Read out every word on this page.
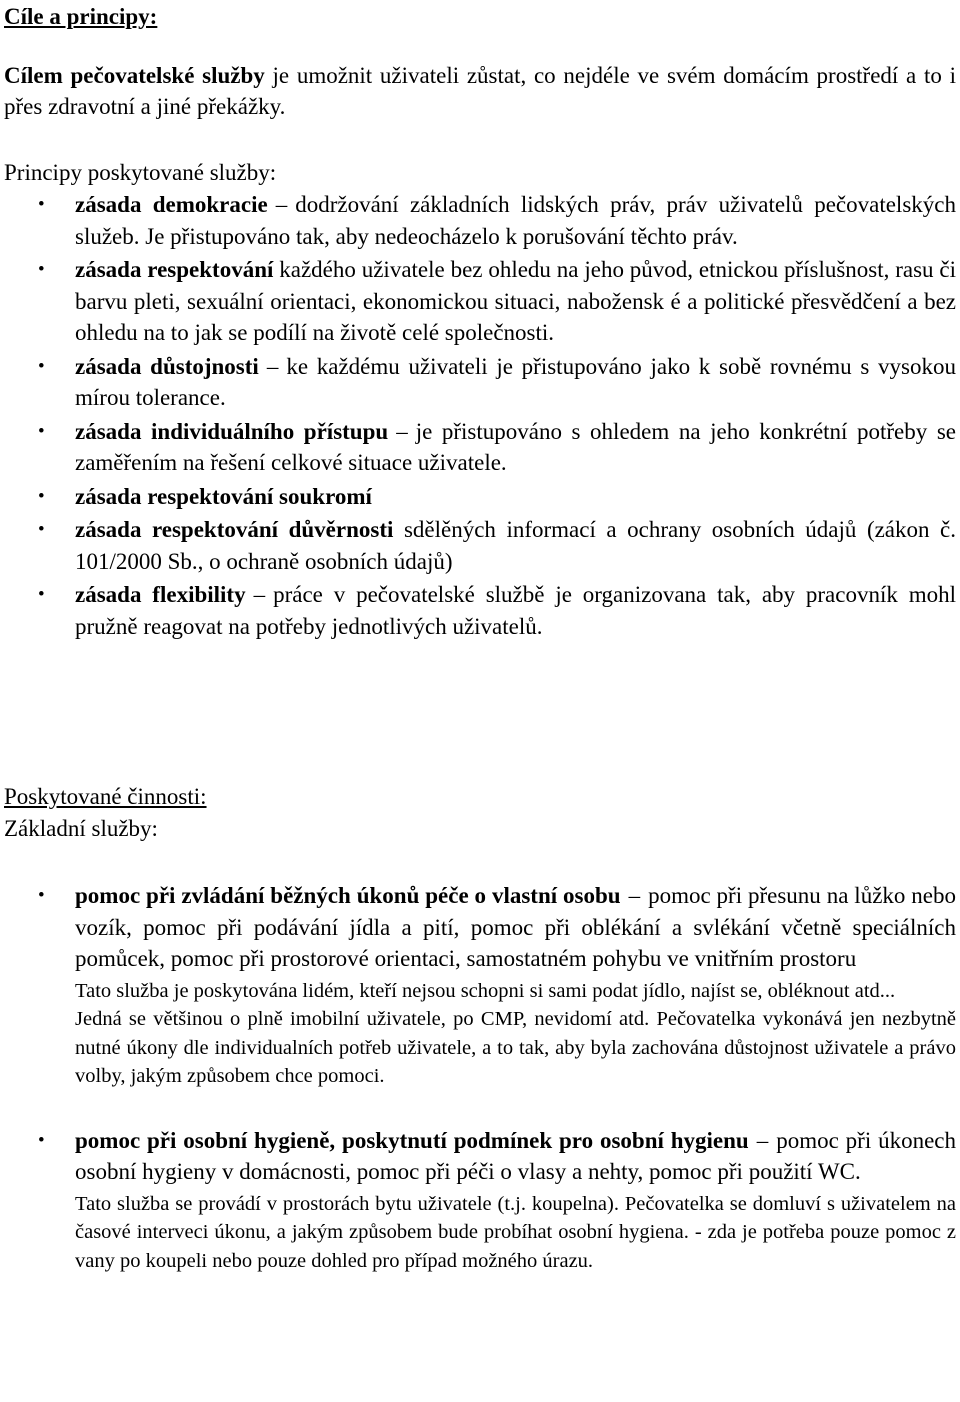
Cíle a principy:

Cílem pečovatelské služby je umožnit uživateli zůstat, co nejdéle ve svém domácím prostředí a to i přes zdravotní a jiné překážky.

Principy poskytované služby:
• zásada demokracie – dodržování základních lidských práv, práv uživatelů pečovatelských služeb. Je přistupováno tak, aby nedeocházelo k porušování těchto práv.
• zásada respektování každého uživatele bez ohledu na jeho původ, etnickou příslušnost, rasu či barvu pleti, sexuální orientaci, ekonomickou situaci, nabožensk é a politické přesvědčení a bez ohledu na to jak se podílí na životě celé společnosti.
• zásada důstojnosti – ke každému uživateli je přistupováno jako k sobě rovnému s vysokou mírou tolerance.
• zásada individuálního přístupu – je přistupováno s ohledem na jeho konkrétní potřeby se zaměřením na řešení celkové situace uživatele.
• zásada respektování soukromí
• zásada respektování důvěrnosti sdělěných informací a ochrany osobních údajů (zákon č. 101/2000 Sb., o ochraně osobních údajů)
• zásada flexibility – práce v pečovatelské službě je organizovana tak, aby pracovník mohl pružně reagovat na potřeby jednotlivých uživatelů.
Poskytované činnosti:
Základní služby:
• pomoc při zvládání běžných úkonů péče o vlastní osobu – pomoc při přesunu na lůžko nebo vozík, pomoc při podávání jídla a pití, pomoc při oblékání a svlékání včetně speciálních pomůcek, pomoc při prostorové orientaci, samostatném pohybu ve vnitřním prostoru
Tato služba je poskytována lidém, kteří nejsou schopni si sami podat jídlo, najíst se, obléknout atd...
Jedná se většinou o plně imobilní uživatele, po CMP, nevidomí atd. Pečovatelka vykonává jen nezbytně nutné úkony dle individualních potřeb uživatele, a to tak, aby byla zachována důstojnost uživatele a právo volby, jakým způsobem chce pomoci.
• pomoc při osobní hygieně, poskytnutí podmínek pro osobní hygienu – pomoc při úkonech osobní hygieny v domácnosti, pomoc při péči o vlasy a nehty, pomoc při použití WC.
Tato služba se provádí v prostorách bytu uživatele (t.j. koupelna). Pečovatelka se domluví s uživatelem na časové interveci úkonu, a jakým způsobem bude probíhat osobní hygiena. - zda je potřeba pouze pomoc z vany po koupeli nebo pouze dohled pro případ možného úrazu.
